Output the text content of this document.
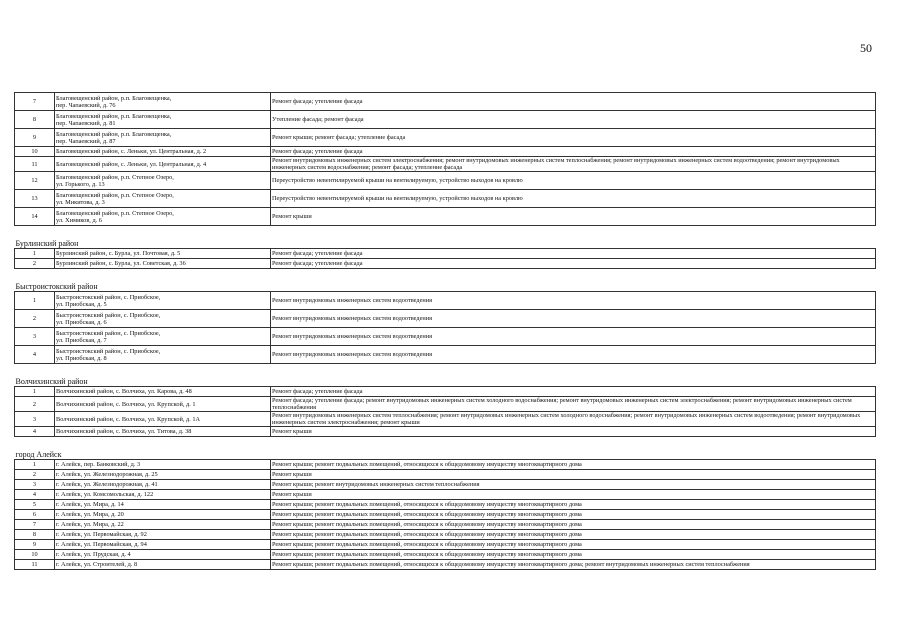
50
7	Благовещенский район, р.п. Благовещенка,
пер. Чапаевский, д. 76	Ремонт фасада; утепление фасада
8	Благовещенский район, р.п. Благовещенка,
пер. Чапаевский, д. 81	Утепление фасада; ремонт фасада
9	Благовещенский район, р.п. Благовещенка,
пер. Чапаевский, д. 87	Ремонт крыши; ремонт фасада; утепление фасада
10	Благовещенский район, с. Леньки, ул. Центральная, д. 2	Ремонт фасада; утепление фасада
11	Благовещенский район, с. Леньки, ул. Центральная, д. 4	Ремонт внутридомовых инженерных систем электроснабжения; ремонт внутридомовых инженерных систем теплоснабжения; ремонт внутридомовых инженерных систем водоотведения; ремонт внутридомовых инженерных систем водоснабжения; ремонт фасада; утепление фасада
12	Благовещенский район, р.п. Степное Озеро,
ул. Горького, д. 13	Переустройство невентилируемой крыши на вентилируемую, устройство выходов на кровлю
13	Благовещенский район, р.п. Степное Озеро,
ул. Микитова, д. 3	Переустройство невентилируемой крыши на вентилируемую, устройство выходов на кровлю
14	Благовещенский район, р.п. Степное Озеро,
ул. Химиков, д. 6	Ремонт крыши

Бурлинский район		
1	Бурлинский район, с. Бурла, ул. Почтовая, д. 5	Ремонт фасада; утепление фасада
2	Бурлинский район, с. Бурла, ул. Советская, д. 36	Ремонт фасада; утепление фасада

Быстроистокский район		
1	Быстроистокский район, с. Приобское,
ул. Приобская, д. 5	Ремонт внутридомовых инженерных систем водоотведения
2	Быстроистокский район, с. Приобское,
ул. Приобская, д. 6	Ремонт внутридомовых инженерных систем водоотведения
3	Быстроистокский район, с. Приобское,
ул. Приобская, д. 7	Ремонт внутридомовых инженерных систем водоотведения
4	Быстроистокский район, с. Приобское,
ул. Приобская, д. 8	Ремонт внутридомовых инженерных систем водоотведения

Волчихинский район		
1	Волчихинский район, с. Волчиха, ул. Карова, д. 48	Ремонт фасада; утепление фасада
2	Волчихинский район, с. Волчиха, ул. Крупской, д. 1	Ремонт фасада; утепление фасада; ремонт внутридомовых инженерных систем холодного водоснабжения; ремонт внутридомовых инженерных систем электроснабжения; ремонт внутридомовых инженерных систем теплоснабжения
3	Волчихинский район, с. Волчиха, ул. Крупской, д. 1А	Ремонт внутридомовых инженерных систем теплоснабжения; ремонт внутридомовых инженерных систем холодного водоснабжения; ремонт внутридомовых инженерных систем водоотведения; ремонт внутридомовых инженерных систем электроснабжения; ремонт крыши
4	Волчихинский район, с. Волчиха, ул. Титова, д. 38	Ремонт крыши

город Алейск		
1	г. Алейск, пер. Банковский, д. 3	Ремонт крыши; ремонт подвальных помещений, относящихся к общедомовому имуществу многоквартирного дома
2	г. Алейск, ул. Железнодорожная, д. 25	Ремонт крыши
3	г. Алейск, ул. Железнодорожная, д. 41	Ремонт крыши; ремонт внутридомовых инженерных систем теплоснабжения
4	г. Алейск, ул. Комсомольская, д. 122	Ремонт крыши
5	г. Алейск, ул. Мира, д. 14	Ремонт крыши; ремонт подвальных помещений, относящихся к общедомовому имуществу многоквартирного дома
6	г. Алейск, ул. Мира, д. 20	Ремонт крыши; ремонт подвальных помещений, относящихся к общедомовому имуществу многоквартирного дома
7	г. Алейск, ул. Мира, д. 22	Ремонт крыши; ремонт подвальных помещений, относящихся к общедомовому имуществу многоквартирного дома
8	г. Алейск, ул. Первомайская, д. 92	Ремонт крыши; ремонт подвальных помещений, относящихся к общедомовому имуществу многоквартирного дома
9	г. Алейск, ул. Первомайская, д. 94	Ремонт крыши; ремонт подвальных помещений, относящихся к общедомовому имуществу многоквартирного дома
10	г. Алейск, ул. Прудская, д. 4	Ремонт крыши; ремонт подвальных помещений, относящихся к общедомовому имуществу многоквартирного дома
11	г. Алейск, ул. Строителей, д. 8	Ремонт крыши; ремонт подвальных помещений, относящихся к общедомовому имуществу многоквартирного дома; ремонт внутридомовых инженерных систем теплоснабжения
